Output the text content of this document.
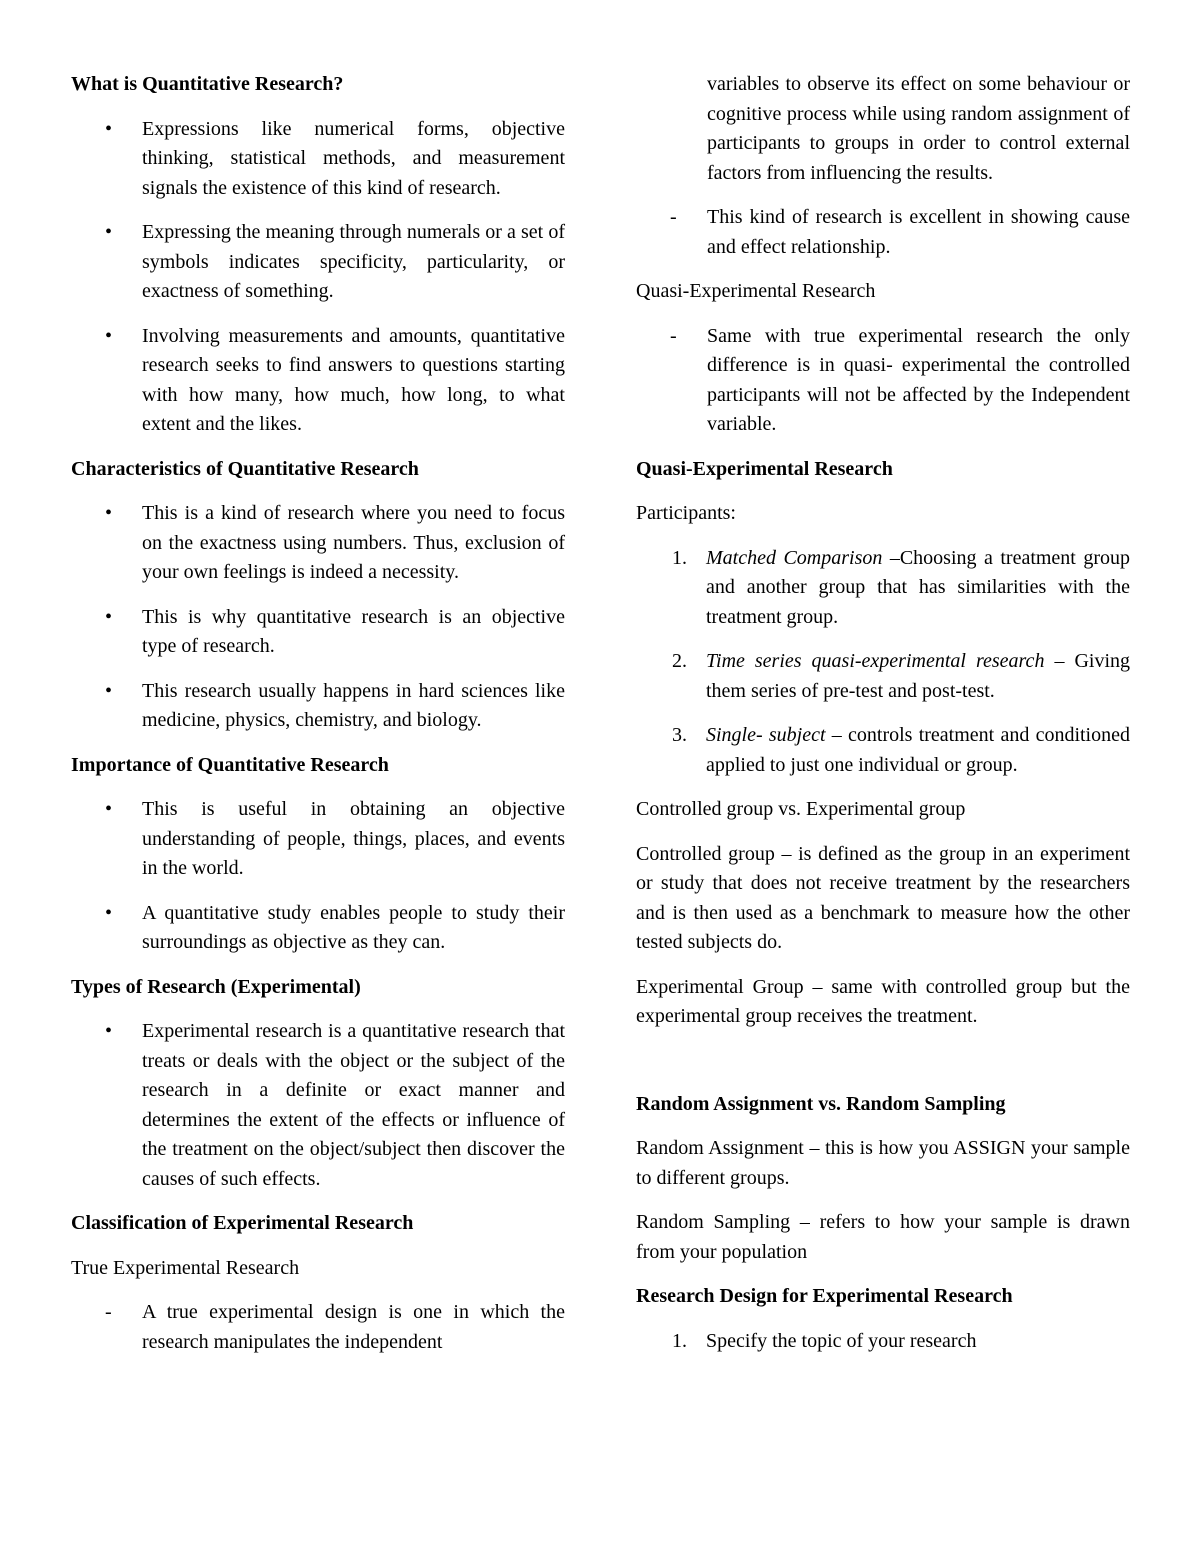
What is Quantitative Research?
• Expressions like numerical forms, objective thinking, statistical methods, and measurement signals the existence of this kind of research.
• Expressing the meaning through numerals or a set of symbols indicates specificity, particularity, or exactness of something.
• Involving measurements and amounts, quantitative research seeks to find answers to questions starting with how many, how much, how long, to what extent and the likes.
Characteristics of Quantitative Research
• This is a kind of research where you need to focus on the exactness using numbers. Thus, exclusion of your own feelings is indeed a necessity.
• This is why quantitative research is an objective type of research.
• This research usually happens in hard sciences like medicine, physics, chemistry, and biology.
Importance of Quantitative Research
• This is useful in obtaining an objective understanding of people, things, places, and events in the world.
• A quantitative study enables people to study their surroundings as objective as they can.
Types of Research (Experimental)
• Experimental research is a quantitative research that treats or deals with the object or the subject of the research in a definite or exact manner and determines the extent of the effects or influence of the treatment on the object/subject then discover the causes of such effects.
Classification of Experimental Research

True Experimental Research

- A true experimental design is one in which the research manipulates the independent

variables to observe its effect on some behaviour or cognitive process while using random assignment of participants to groups in order to control external factors from influencing the results.

- This kind of research is excellent in showing cause and effect relationship.

Quasi-Experimental Research

- Same with true experimental research the only difference is in quasi- experimental the controlled participants will not be affected by the Independent variable.
Quasi-Experimental Research

Participants:

1. Matched Comparison –Choosing a treatment group and another group that has similarities with the treatment group.
2. Time series quasi-experimental research – Giving them series of pre-test and post-test.
3. Single- subject – controls treatment and conditioned applied to just one individual or group.

Controlled group vs. Experimental group

Controlled group – is defined as the group in an experiment or study that does not receive treatment by the researchers and is then used as a benchmark to measure how the other tested subjects do.

Experimental Group – same with controlled group but the experimental group receives the treatment.

Random Assignment vs. Random Sampling

Random Assignment – this is how you ASSIGN your sample to different groups.

Random Sampling – refers to how your sample is drawn from your population

Research Design for Experimental Research
1. Specify the topic of your research
